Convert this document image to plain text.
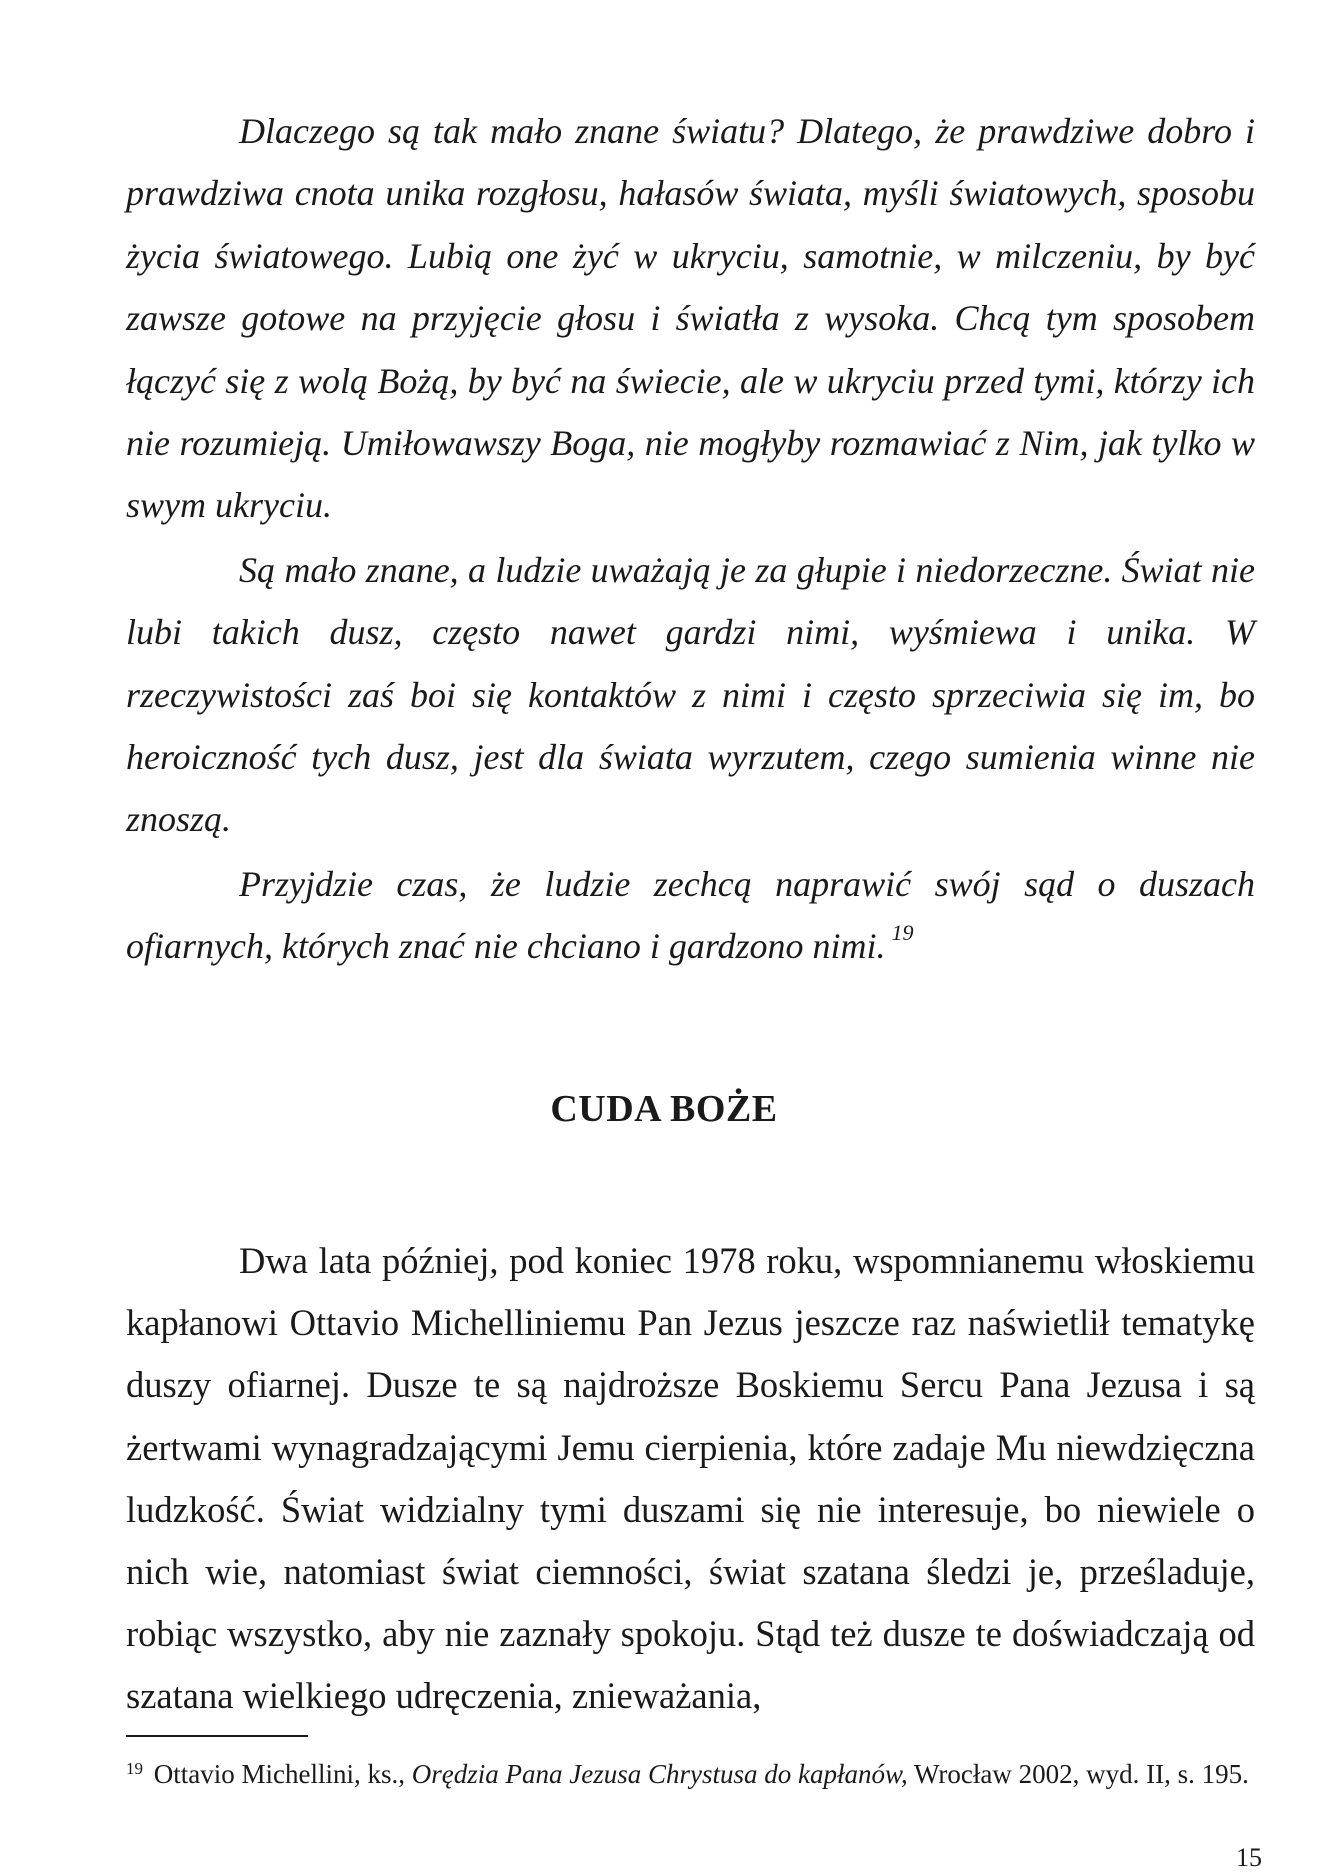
Dlaczego są tak mało znane światu? Dlatego, że prawdziwe dobro i prawdziwa cnota unika rozgłosu, hałasów świata, myśli światowych, sposobu życia światowego. Lubią one żyć w ukryciu, samotnie, w milczeniu, by być zawsze gotowe na przyjęcie głosu i światła z wysoka. Chcą tym sposobem łączyć się z wolą Bożą, by być na świecie, ale w ukryciu przed tymi, którzy ich nie rozumieją. Umiłowawszy Boga, nie mogłyby rozmawiać z Nim, jak tylko w swym ukryciu.

Są mało znane, a ludzie uważają je za głupie i niedorzeczne. Świat nie lubi takich dusz, często nawet gardzi nimi, wyśmiewa i unika. W rzeczywistości zaś boi się kontaktów z nimi i często sprzeciwia się im, bo heroiczność tych dusz, jest dla świata wyrzutem, czego sumienia winne nie znoszą.

Przyjdzie czas, że ludzie zechcą naprawić swój sąd o duszach ofiarnych, których znać nie chciano i gardzono nimi. $^{19}$

CUDA BOŻE

Dwa lata później, pod koniec 1978 roku, wspomnianemu włoskiemu kapłanowi Ottavio Michelliniemu Pan Jezus jeszcze raz naświetlił tematykę duszy ofiarnej. Dusze te są najdroższe Boskiemu Sercu Pana Jezusa i są żertwami wynagradzającymi Jemu cierpienia, które zadaje Mu niewdzięczna ludzkość. Świat widzialny tymi duszami się nie interesuje, bo niewiele o nich wie, natomiast świat ciemności, świat szatana śledzi je, prześladuje, robiąc wszystko, aby nie zaznały spokoju. Stąd też dusze te doświadczają od szatana wielkiego udręczenia, znieważania,

$^{19}$ Ottavio Michellini, ks., Orędzia Pana Jezusa Chrystusa do kapłanów, Wrocław 2002, wyd. II, s. 195.
15
